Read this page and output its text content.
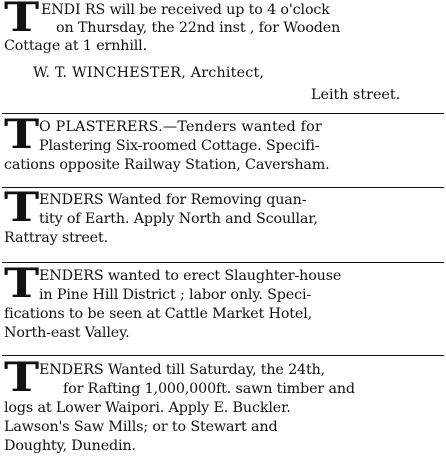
T ENDI RS will be received up to 4 o'clock
on Thursday, the 22nd inst , for Wooden
Cottage at 1 ernhill.
W. T. WINCHESTER, Architect,
Leith street.
T O PLASTERERS.—Tenders wanted for
Plastering Six-roomed Cottage. Specifi-
cations opposite Railway Station, Caversham.
T ENDERS Wanted for Removing quan-
tity of Earth. Apply North and Scoullar,
Rattray street.
T ENDERS wanted to erect Slaughter-house
in Pine Hill District ; labor only. Speci-
fications to be seen at Cattle Market Hotel,
North-east Valley.
T ENDERS Wanted till Saturday, the 24th,
for Rafting 1,000,000ft. sawn timber and
logs at Lower Waipori. Apply E. Buckler.
Lawson's Saw Mills; or to Stewart and
Doughty, Dunedin.
